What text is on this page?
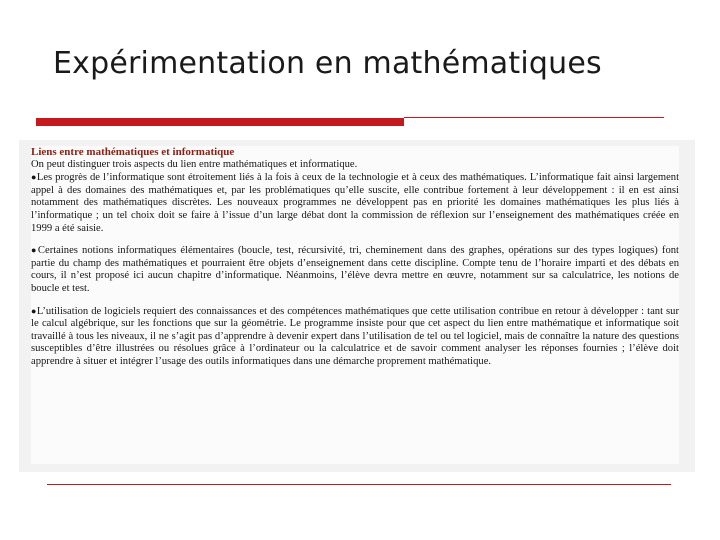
Expérimentation en mathématiques

Liens entre mathématiques et informatique

On peut distinguer trois aspects du lien entre mathématiques et informatique.

●Les progrès de l’informatique sont étroitement liés à la fois à ceux de la technologie et à ceux des mathématiques. L’informatique fait ainsi largement appel à des domaines des mathématiques et, par les problématiques qu’elle suscite, elle contribue fortement à leur développement : il en est ainsi notamment des mathématiques discrètes. Les nouveaux programmes ne développent pas en priorité les domaines mathématiques les plus liés à l’informatique ; un tel choix doit se faire à l’issue d’un large débat dont la commission de réflexion sur l’enseignement des mathématiques créée en 1999 a été saisie.

●Certaines notions informatiques élémentaires (boucle, test, récursivité, tri, cheminement dans des graphes, opérations sur des types logiques) font partie du champ des mathématiques et pourraient être objets d’enseignement dans cette discipline. Compte tenu de l’horaire imparti et des débats en cours, il n’est proposé ici aucun chapitre d’informatique. Néanmoins, l’élève devra mettre en œuvre, notamment sur sa calculatrice, les notions de boucle et test.

●L’utilisation de logiciels requiert des connaissances et des compétences mathématiques que cette utilisation contribue en retour à développer : tant sur le calcul algébrique, sur les fonctions que sur la géométrie. Le programme insiste pour que cet aspect du lien entre mathématique et informatique soit travaillé à tous les niveaux, il ne s’agit pas d’apprendre à devenir expert dans l’utilisation de tel ou tel logiciel, mais de connaître la nature des questions susceptibles d’être illustrées ou résolues grâce à l’ordinateur ou la calculatrice et de savoir comment analyser les réponses fournies ; l’élève doit apprendre à situer et intégrer l’usage des outils informatiques dans une démarche proprement mathématique.
